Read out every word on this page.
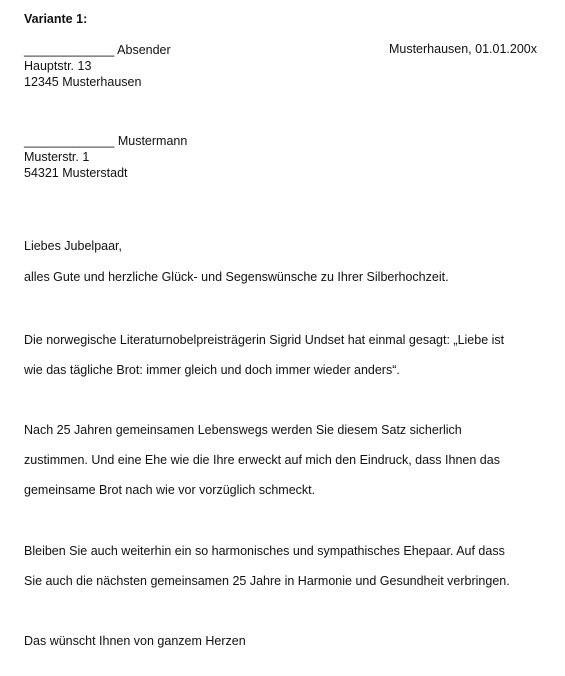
Variante 1:
_____________ Absender
Hauptstr. 13
12345 Musterhausen
Musterhausen, 01.01.200x
_____________ Mustermann
Musterstr. 1
54321 Musterstadt
Liebes Jubelpaar,
alles Gute und herzliche Glück- und Segenswünsche zu Ihrer Silberhochzeit.
Die norwegische Literaturnobelpreisträgerin Sigrid Undset hat einmal gesagt: „Liebe ist
wie das tägliche Brot: immer gleich und doch immer wieder anders“.
Nach 25 Jahren gemeinsamen Lebenswegs werden Sie diesem Satz sicherlich
zustimmen. Und eine Ehe wie die Ihre erweckt auf mich den Eindruck, dass Ihnen das
gemeinsame Brot nach wie vor vorzüglich schmeckt.
Bleiben Sie auch weiterhin ein so harmonisches und sympathisches Ehepaar. Auf dass
Sie auch die nächsten gemeinsamen 25 Jahre in Harmonie und Gesundheit verbringen.
Das wünscht Ihnen von ganzem Herzen
